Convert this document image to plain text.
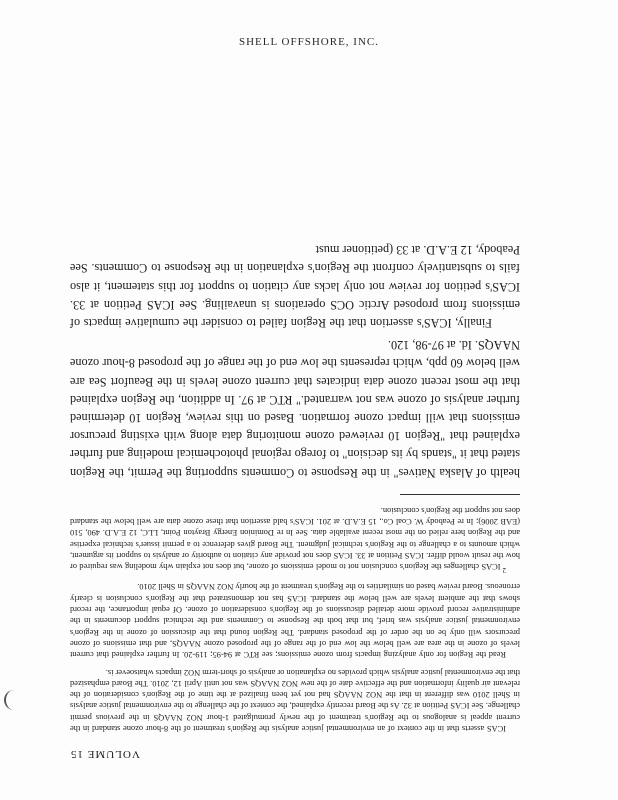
SHELL OFFSHORE, INC.
VOLUME 15

ICAS asserts that in the context of an environmental justice analysis the Region's treatment of the 8-hour ozone standard in the current appeal is analogous to the Region's treatment of the newly promulgated 1-hour NO2 NAAQS in the previous permit challenge. See ICAS Petition at 32. As the Board recently explained, the context of the challenge to the environmental justice analysis in Shell 2010 was different in that the NO2 NAAQS had not yet been finalized at the time of the Region's consideration of the relevant air quality information and the effective date of the new NO2 NAAQS was not until April 12, 2010. The Board emphasized that the environmental justice analysis which provides no explanation or analysis of short-term NO2 impacts whatsoever is.

Read the Region for only analyzing impacts from ozone emissions; see RTC at 94-95; 119-20. In further explained that current levels of ozone in the area are well below the low end of the range of the proposed ozone NAAQS, and that emissions of ozone precursors will only be on the order of the proposed standard. The Region found that the discussion of ozone in the Region's environmental justice analysis was brief, but that both the Response to Comments and the technical support documents in the administrative record provide more detailed discussions of the Region's consideration of ozone. Of equal importance, the record shows that the ambient levels are well below the standard. ICAS has not demonstrated that the Region's conclusion is clearly erroneous. Board review based on similarities to the Region's treatment of the hourly NO2 NAAQS in Shell 2010.

$^2$ICAS challenges the Region's conclusion not to model emissions of ozone, but does not explain why modeling was required or how the result would differ. ICAS Petition at 33. ICAS does not provide any citation to authority or analysis to support its argument, which amounts to a challenge to the Region's technical judgment. The Board gives deference to a permit issuer's technical expertise and the Region here relied on the most recent available data. See In re Dominion Energy Brayton Point, LLC, 12 E.A.D. 490, 510 (EAB 2006); In re Peabody W. Coal Co., 15 E.A.D. at 201. ICAS's bald assertion that these ozone data are well below the standard does not support the Region's conclusion.

health of Alaska Natives" in the Response to Comments supporting the Permit, the Region stated that it "stands by its decision" to forego regional photochemical modeling and further explained that "Region 10 reviewed ozone monitoring data along with existing precursor emissions that will impact ozone formation. Based on this review, Region 10 determined further analysis of ozone was not warranted." RTC at 97. In addition, the Region explained that the most recent ozone data indicates that current ozone levels in the Beaufort Sea are well below 60 ppb, which represents the low end of the range of the proposed 8-hour ozone NAAQS. Id. at 97-98, 120.

Finally, ICAS's assertion that the Region failed to consider the cumulative impacts of emissions from proposed Arctic OCS operations is unavailing. See ICAS Petition at 33. ICAS's petition for review not only lacks any citation to support for this statement, it also fails to substantively confront the Region's explanation in the Response to Comments. See Peabody, 12 E.A.D. at 33 (petitioner must
